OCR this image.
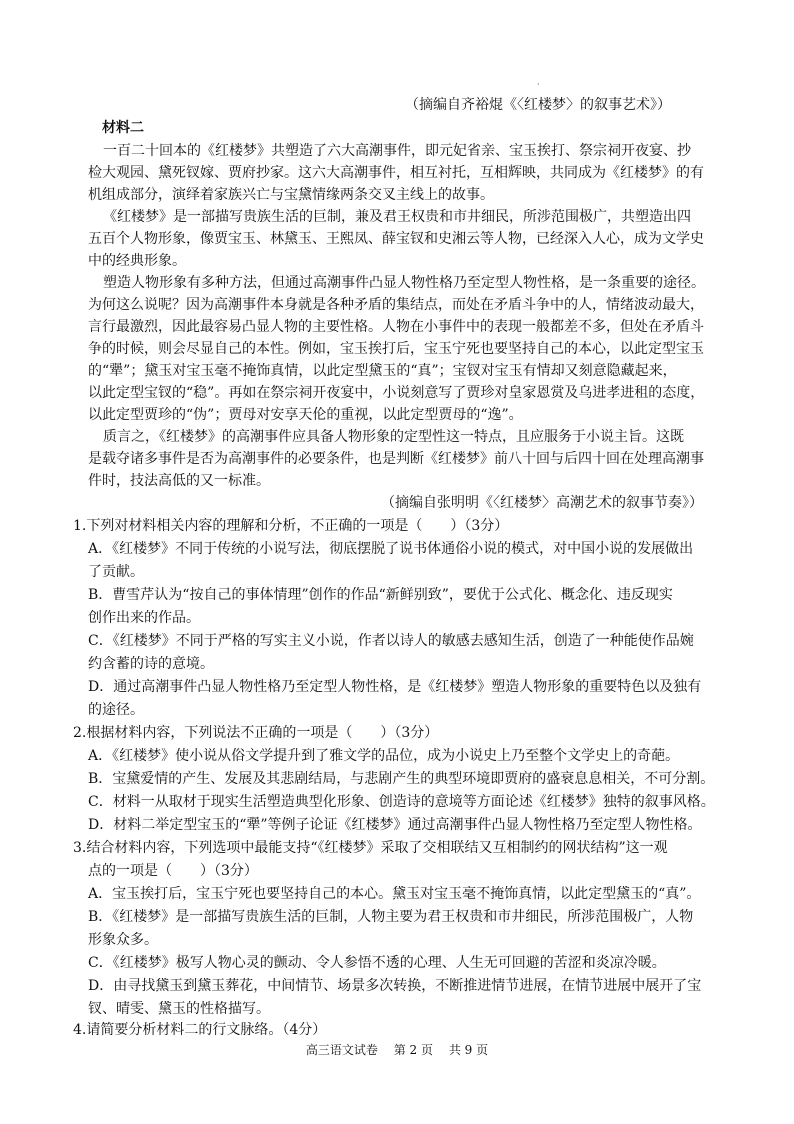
·
（摘编自齐裕焜《〈红楼梦〉的叙事艺术》）
材料二
一百二十回本的《红楼梦》共塑造了六大高潮事件，即元妃省亲、宝玉挨打、祭宗祠开夜宴、抄
检大观园、黛死钗嫁、贾府抄家。这六大高潮事件，相互衬托，互相辉映，共同成为《红楼梦》的有
机组成部分，演绎着家族兴亡与宝黛情缘两条交叉主线上的故事。
《红楼梦》是一部描写贵族生活的巨制，兼及君王权贵和市井细民，所涉范围极广，共塑造出四
五百个人物形象，像贾宝玉、林黛玉、王熙凤、薛宝钗和史湘云等人物，已经深入人心，成为文学史
中的经典形象。
塑造人物形象有多种方法，但通过高潮事件凸显人物性格乃至定型人物性格，是一条重要的途径。
为何这么说呢？因为高潮事件本身就是各种矛盾的集结点，而处在矛盾斗争中的人，情绪波动最大，
言行最激烈，因此最容易凸显人物的主要性格。人物在小事件中的表现一般都差不多，但处在矛盾斗
争的时候，则会尽显自己的本性。例如，宝玉挨打后，宝玉宁死也要坚持自己的本心，以此定型宝玉
的“犟”；黛玉对宝玉毫不掩饰真情，以此定型黛玉的“真”；宝钗对宝玉有情却又刻意隐藏起来，
以此定型宝钗的“稳”。再如在祭宗祠开夜宴中，小说刻意写了贾珍对皇家恩赏及乌进孝进租的态度，
以此定型贾珍的“伪”；贾母对安享天伦的重视，以此定型贾母的“逸”。
质言之，《红楼梦》的高潮事件应具备人物形象的定型性这一特点，且应服务于小说主旨。这既
是载夺诸多事件是否为高潮事件的必要条件，也是判断《红楼梦》前八十回与后四十回在处理高潮事
件时，技法高低的又一标准。
（摘编自张明明《〈红楼梦〉高潮艺术的叙事节奏》）
1.下列对材料相关内容的理解和分析，不正确的一项是（　　）（3分）
A．《红楼梦》不同于传统的小说写法，彻底摆脱了说书体通俗小说的模式，对中国小说的发展做出
了贡献。
B．曹雪芹认为“按自己的事体情理”创作的作品“新鲜别致”，要优于公式化、概念化、违反现实
创作出来的作品。
C．《红楼梦》不同于严格的写实主义小说，作者以诗人的敏感去感知生活，创造了一种能使作品婉
约含蓄的诗的意境。
D．通过高潮事件凸显人物性格乃至定型人物性格，是《红楼梦》塑造人物形象的重要特色以及独有
的途径。
2.根据材料内容，下列说法不正确的一项是（　　）（3分）
A．《红楼梦》使小说从俗文学提升到了雅文学的品位，成为小说史上乃至整个文学史上的奇葩。
B．宝黛爱情的产生、发展及其悲剧结局，与悲剧产生的典型环境即贾府的盛衰息息相关，不可分割。
C．材料一从取材于现实生活塑造典型化形象、创造诗的意境等方面论述《红楼梦》独特的叙事风格。
D．材料二举定型宝玉的“犟”等例子论证《红楼梦》通过高潮事件凸显人物性格乃至定型人物性格。
3.结合材料内容，下列选项中最能支持“《红楼梦》采取了交相联结又互相制约的网状结构”这一观
点的一项是（　　）（3分）
A．宝玉挨打后，宝玉宁死也要坚持自己的本心。黛玉对宝玉毫不掩饰真情，以此定型黛玉的“真”。
B．《红楼梦》是一部描写贵族生活的巨制，人物主要为君王权贵和市井细民，所涉范围极广，人物
形象众多。
C．《红楼梦》极写人物心灵的颤动、令人参悟不透的心理、人生无可回避的苦涩和炎凉冷暖。
D．由寻找黛玉到黛玉葬花，中间情节、场景多次转换，不断推进情节进展，在情节进展中展开了宝
钗、晴雯、黛玉的性格描写。
4.请简要分析材料二的行文脉络。（4分）
高三语文试卷 第 2 页 共 9 页
